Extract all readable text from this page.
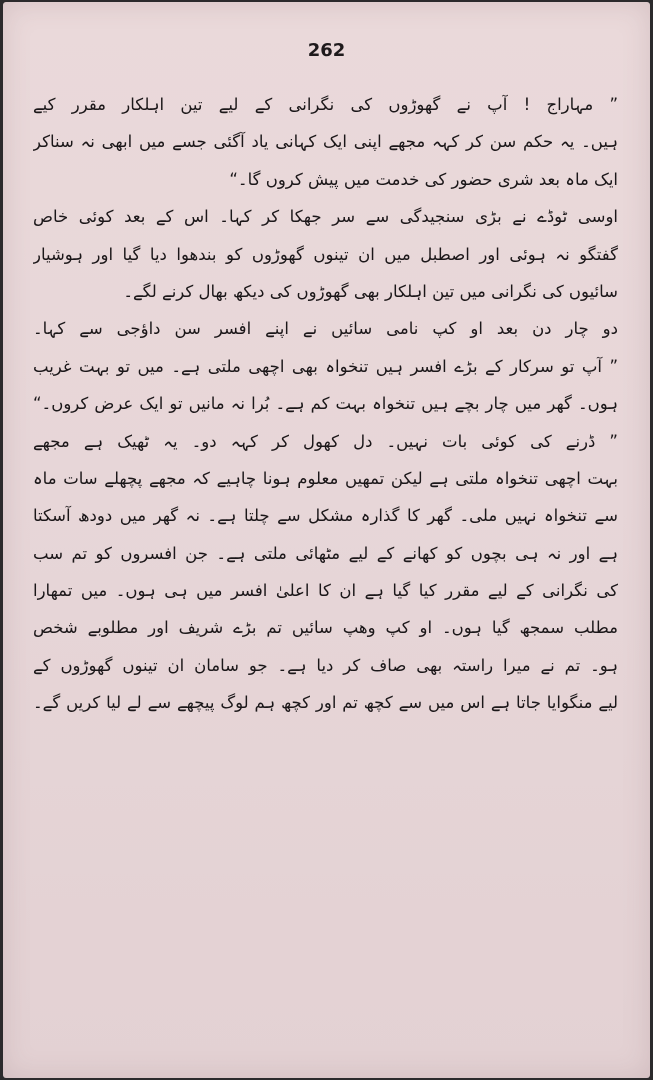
262
” مہاراج ! آپ نے گھوڑوں کی نگرانی کے لیے تین اہلکار مقرر کیے
ہیں۔ یہ حکم سن کر کہہ مجھے اپنی ایک کہانی یاد آگئی جسے میں ابھی نہ سناکر
ایک ماہ بعد شری حضور کی خدمت میں پیش کروں گا۔“
اوسی ٹوڈے نے بڑی سنجیدگی سے سر جھکا کر کہا۔ اس کے بعد کوئی خاص
گفتگو نہ ہوئی اور اصطبل میں ان تینوں گھوڑوں کو بندھوا دیا گیا اور ہوشیار
سائیوں کی نگرانی میں تین اہلکار بھی گھوڑوں کی دیکھ بھال کرنے لگے۔
دو چار دن بعد او کپ نامی سائیں نے اپنے افسر سن داؤجی سے کہا۔
” آپ تو سرکار کے بڑے افسر ہیں تنخواہ بھی اچھی ملتی ہے۔ میں تو بہت غریب
ہوں۔ گھر میں چار بچے ہیں تنخواہ بہت کم ہے۔ بُرا نہ مانیں تو ایک عرض کروں۔“
” ڈرنے کی کوئی بات نہیں۔ دل کھول کر کہہ دو۔ یہ ٹھیک ہے مجھے
بہت اچھی تنخواہ ملتی ہے لیکن تمھیں معلوم ہونا چاہیے کہ مجھے پچھلے سات ماہ
سے تنخواہ نہیں ملی۔ گھر کا گذارہ مشکل سے چلتا ہے۔ نہ گھر میں دودھ آسکتا
ہے اور نہ ہی بچوں کو کھانے کے لیے مٹھائی ملتی ہے۔ جن افسروں کو تم سب
کی نگرانی کے لیے مقرر کیا گیا ہے ان کا اعلیٰ افسر میں ہی ہوں۔ میں تمھارا
مطلب سمجھ گیا ہوں۔ او کپ وھپ سائیں تم بڑے شریف اور مطلوبے شخص
ہو۔ تم نے میرا راستہ بھی صاف کر دیا ہے۔ جو سامان ان تینوں گھوڑوں کے
لیے منگوایا جاتا ہے اس میں سے کچھ تم اور کچھ ہم لوگ پیچھے سے لے لیا کریں گے۔
